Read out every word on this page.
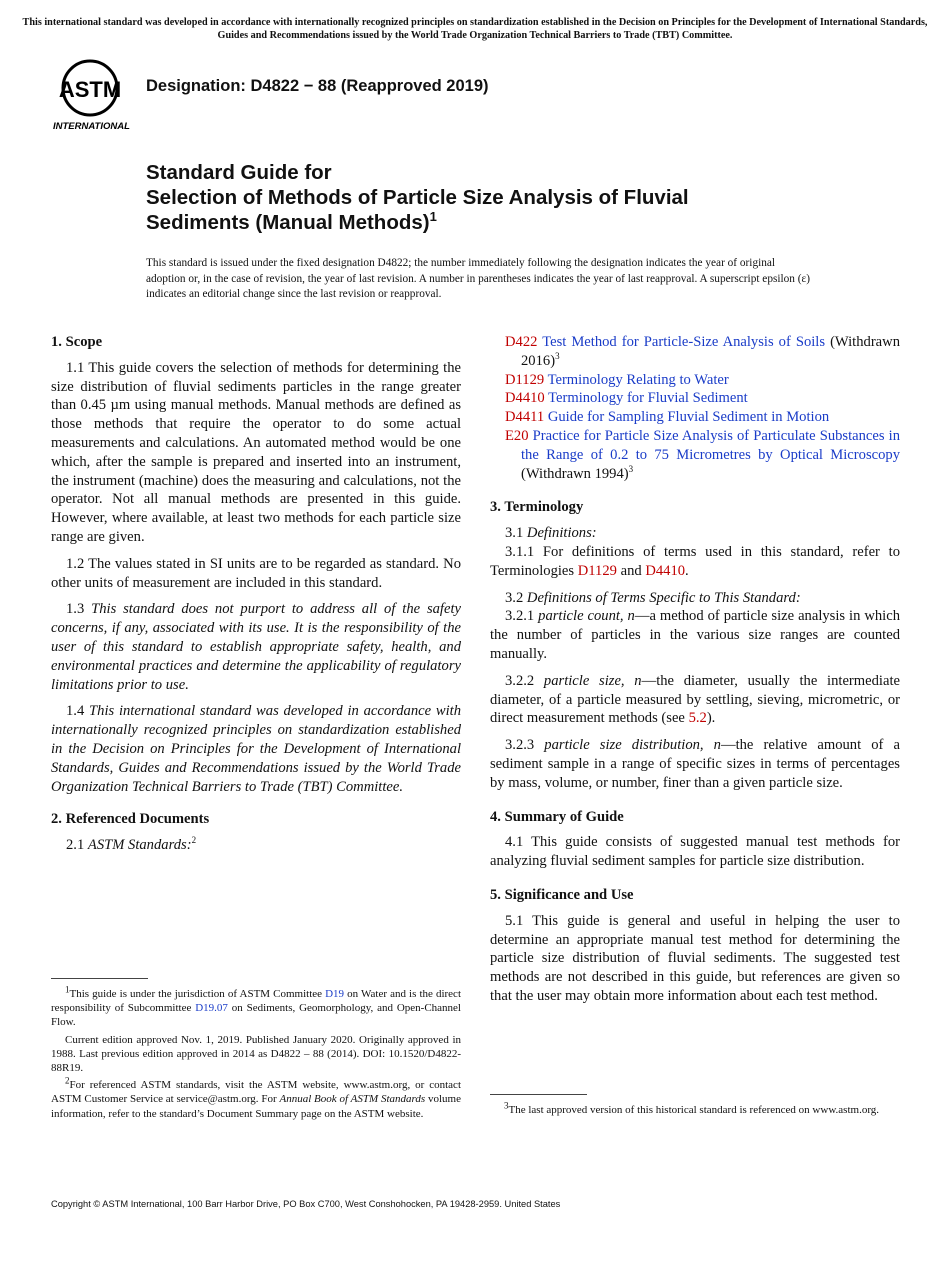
This international standard was developed in accordance with internationally recognized principles on standardization established in the Decision on Principles for the Development of International Standards, Guides and Recommendations issued by the World Trade Organization Technical Barriers to Trade (TBT) Committee.
ASTM
INTERNATIONAL
Designation: D4822 − 88 (Reapproved 2019)
Standard Guide for
Selection of Methods of Particle Size Analysis of Fluvial
Sediments (Manual Methods)$^1$
This standard is issued under the fixed designation D4822; the number immediately following the designation indicates the year of original adoption or, in the case of revision, the year of last revision. A number in parentheses indicates the year of last reapproval. A superscript epsilon (ε) indicates an editorial change since the last revision or reapproval.
1. Scope

1.1 This guide covers the selection of methods for determining the size distribution of fluvial sediments particles in the range greater than 0.45 µm using manual methods. Manual methods are defined as those methods that require the operator to do some actual measurements and calculations. An automated method would be one which, after the sample is prepared and inserted into an instrument, the instrument (machine) does the measuring and calculations, not the operator. Not all manual methods are presented in this guide. However, where available, at least two methods for each particle size range are given.

1.2 The values stated in SI units are to be regarded as standard. No other units of measurement are included in this standard.

1.3 This standard does not purport to address all of the safety concerns, if any, associated with its use. It is the responsibility of the user of this standard to establish appropriate safety, health, and environmental practices and determine the applicability of regulatory limitations prior to use.

1.4 This international standard was developed in accordance with internationally recognized principles on standardization established in the Decision on Principles for the Development of International Standards, Guides and Recommendations issued by the World Trade Organization Technical Barriers to Trade (TBT) Committee.

2. Referenced Documents

2.1 ASTM Standards:$^2$

$^1$This guide is under the jurisdiction of ASTM Committee D19 on Water and is the direct responsibility of Subcommittee D19.07 on Sediments, Geomorphology, and Open-Channel Flow.

Current edition approved Nov. 1, 2019. Published January 2020. Originally approved in 1988. Last previous edition approved in 2014 as D4822 – 88 (2014). DOI: 10.1520/D4822-88R19.

$^2$For referenced ASTM standards, visit the ASTM website, www.astm.org, or contact ASTM Customer Service at service@astm.org. For Annual Book of ASTM Standards volume information, refer to the standard’s Document Summary page on the ASTM website.

D422 Test Method for Particle-Size Analysis of Soils (Withdrawn 2016)$^3$

D1129 Terminology Relating to Water

D4410 Terminology for Fluvial Sediment

D4411 Guide for Sampling Fluvial Sediment in Motion

E20 Practice for Particle Size Analysis of Particulate Substances in the Range of 0.2 to 75 Micrometres by Optical Microscopy (Withdrawn 1994)$^3$

3. Terminology

3.1 Definitions:

3.1.1 For definitions of terms used in this standard, refer to Terminologies D1129 and D4410.

3.2 Definitions of Terms Specific to This Standard:

3.2.1 particle count, n—a method of particle size analysis in which the number of particles in the various size ranges are counted manually.

3.2.2 particle size, n—the diameter, usually the intermediate diameter, of a particle measured by settling, sieving, micrometric, or direct measurement methods (see 5.2).

3.2.3 particle size distribution, n—the relative amount of a sediment sample in a range of specific sizes in terms of percentages by mass, volume, or number, finer than a given particle size.

4. Summary of Guide

4.1 This guide consists of suggested manual test methods for analyzing fluvial sediment samples for particle size distribution.

5. Significance and Use

5.1 This guide is general and useful in helping the user to determine an appropriate manual test method for determining the particle size distribution of fluvial sediments. The suggested test methods are not described in this guide, but references are given so that the user may obtain more information about each test method.

$^3$The last approved version of this historical standard is referenced on www.astm.org.

Copyright © ASTM International, 100 Barr Harbor Drive, PO Box C700, West Conshohocken, PA 19428-2959. United States
